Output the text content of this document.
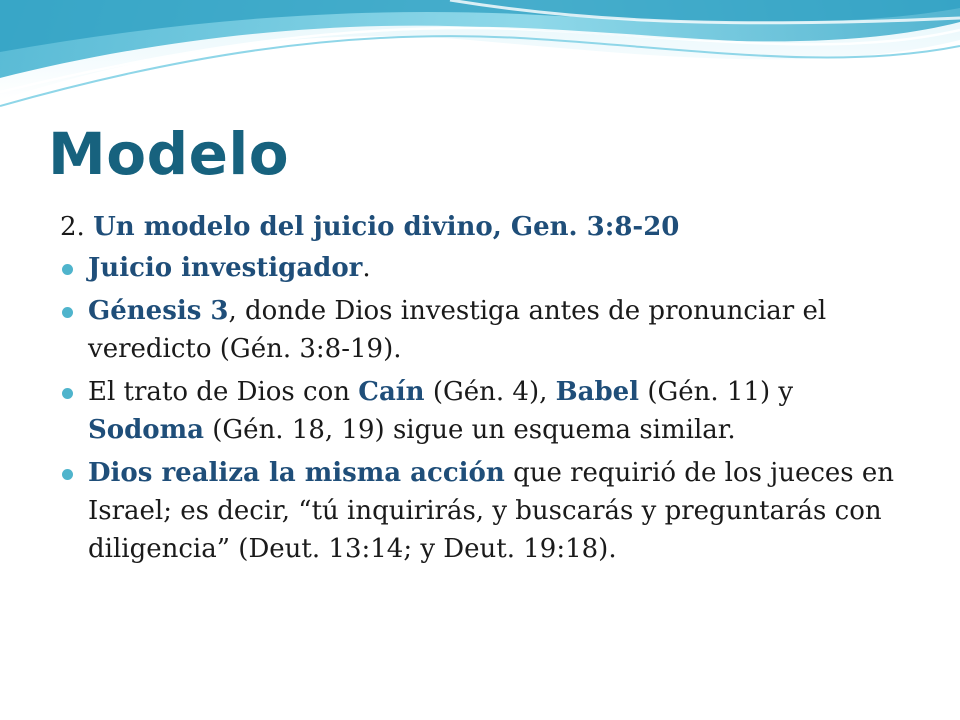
Modelo

2. Un modelo del juicio divino, Gen. 3:8-20

Juicio investigador.
Génesis 3, donde Dios investiga antes de pronunciar el veredicto (Gén. 3:8-19).
El trato de Dios con Caín (Gén. 4), Babel (Gén. 11) y Sodoma (Gén. 18, 19) sigue un esquema similar.
Dios realiza la misma acción que requirió de los jueces en Israel; es decir, “tú inquirirás, y buscarás y preguntarás con diligencia” (Deut. 13:14; y Deut. 19:18).
